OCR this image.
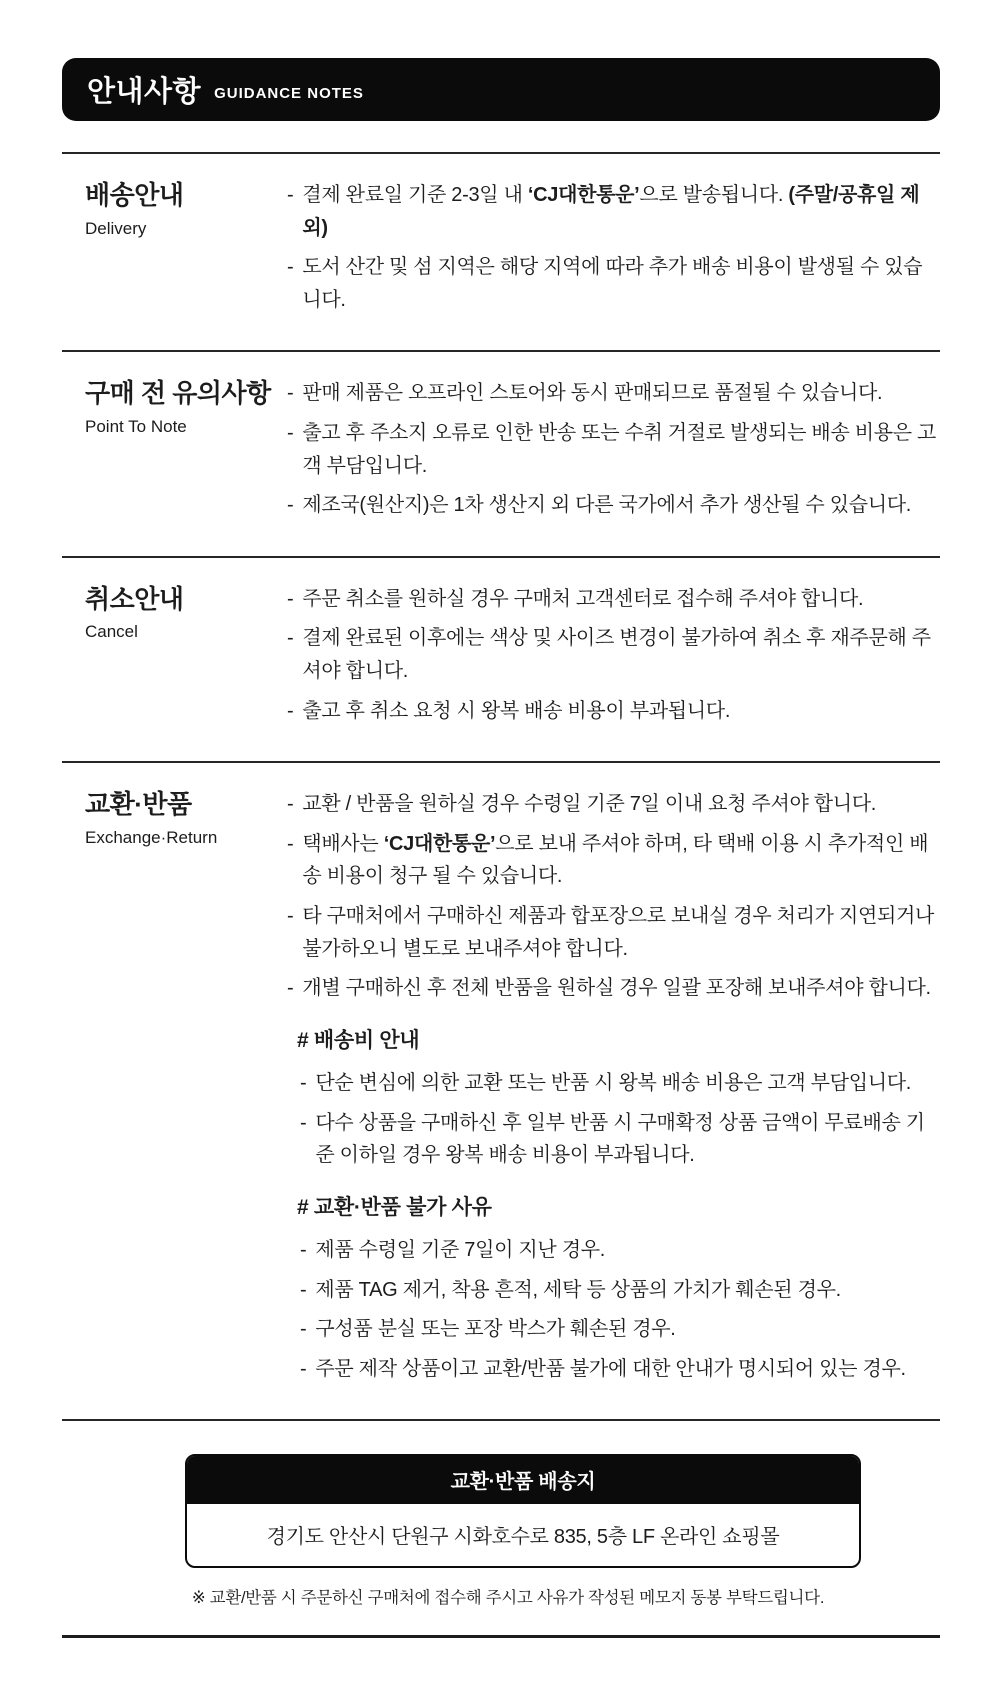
안내사항 GUIDANCE NOTES
배송안내
Delivery
- 결제 완료일 기준 2-3일 내 ‘CJ대한통운’으로 발송됩니다. (주말/공휴일 제외)
- 도서 산간 및 섬 지역은 해당 지역에 따라 추가 배송 비용이 발생될 수 있습니다.
구매 전 유의사항
Point To Note
- 판매 제품은 오프라인 스토어와 동시 판매되므로 품절될 수 있습니다.
- 출고 후 주소지 오류로 인한 반송 또는 수취 거절로 발생되는 배송 비용은 고객 부담입니다.
- 제조국(원산지)은 1차 생산지 외 다른 국가에서 추가 생산될 수 있습니다.
취소안내
Cancel
- 주문 취소를 원하실 경우 구매처 고객센터로 접수해 주셔야 합니다.
- 결제 완료된 이후에는 색상 및 사이즈 변경이 불가하여 취소 후 재주문해 주셔야 합니다.
- 출고 후 취소 요청 시 왕복 배송 비용이 부과됩니다.
교환·반품
Exchange·Return
- 교환 / 반품을 원하실 경우 수령일 기준 7일 이내 요청 주셔야 합니다.
- 택배사는 ‘CJ대한통운’으로 보내 주셔야 하며, 타 택배 이용 시 추가적인 배송 비용이 청구 될 수 있습니다.
- 타 구매처에서 구매하신 제품과 합포장으로 보내실 경우 처리가 지연되거나 불가하오니 별도로 보내주셔야 합니다.
- 개별 구매하신 후 전체 반품을 원하실 경우 일괄 포장해 보내주셔야 합니다.
# 배송비 안내
- 단순 변심에 의한 교환 또는 반품 시 왕복 배송 비용은 고객 부담입니다.
- 다수 상품을 구매하신 후 일부 반품 시 구매확정 상품 금액이 무료배송 기준 이하일 경우 왕복 배송 비용이 부과됩니다.
# 교환·반품 불가 사유
- 제품 수령일 기준 7일이 지난 경우.
- 제품 TAG 제거, 착용 흔적, 세탁 등 상품의 가치가 훼손된 경우.
- 구성품 분실 또는 포장 박스가 훼손된 경우.
- 주문 제작 상품이고 교환/반품 불가에 대한 안내가 명시되어 있는 경우.
교환·반품 배송지
경기도 안산시 단원구 시화호수로 835, 5층 LF 온라인 쇼핑몰
※ 교환/반품 시 주문하신 구매처에 접수해 주시고 사유가 작성된 메모지 동봉 부탁드립니다.
